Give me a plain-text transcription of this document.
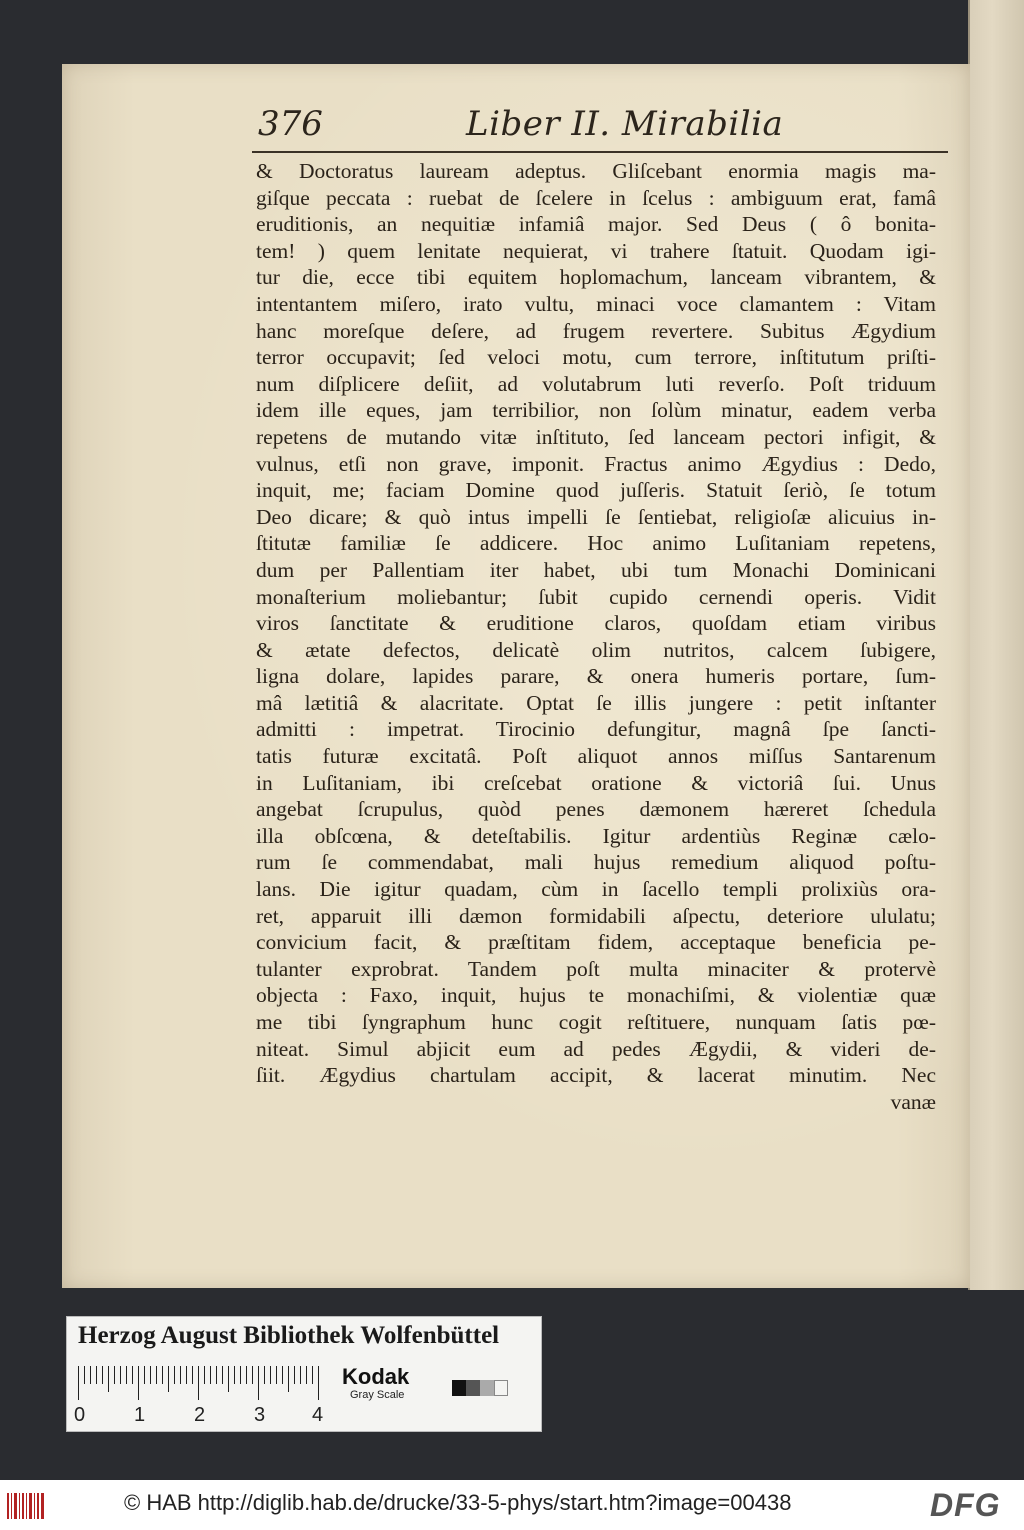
376	Liber II. Mirabilia
& Doctoratus lauream adeptus. Gliſcebant enormia magis ma-
giſque peccata : ruebat de ſcelere in ſcelus : ambiguum erat, famâ
eruditionis, an nequitiæ infamiâ major. Sed Deus ( ô bonita-
tem! ) quem lenitate nequierat, vi trahere ſtatuit. Quodam igi-
tur die, ecce tibi equitem hoplomachum, lanceam vibrantem, &
intentantem miſero, irato vultu, minaci voce clamantem : Vitam
hanc moreſque deſere, ad frugem revertere. Subitus Ægydium
terror occupavit; ſed veloci motu, cum terrore, inſtitutum priſti-
num diſplicere deſiit, ad volutabrum luti reverſo. Poſt triduum
idem ille eques, jam terribilior, non ſolùm minatur, eadem verba
repetens de mutando vitæ inſtituto, ſed lanceam pectori infigit, &
vulnus, etſi non grave, imponit. Fractus animo Ægydius : Dedo,
inquit, me; faciam Domine quod juſſeris. Statuit ſeriò, ſe totum
Deo dicare; & quò intus impelli ſe ſentiebat, religioſæ alicuius in-
ſtitutæ familiæ ſe addicere. Hoc animo Luſitaniam repetens,
dum per Pallentiam iter habet, ubi tum Monachi Dominicani
monaſterium moliebantur; ſubit cupido cernendi operis. Vidit
viros ſanctitate & eruditione claros, quoſdam etiam viribus
& ætate defectos, delicatè olim nutritos, calcem ſubigere,
ligna dolare, lapides parare, & onera humeris portare, ſum-
mâ lætitiâ & alacritate. Optat ſe illis jungere : petit inſtanter
admitti : impetrat. Tirocinio defungitur, magnâ ſpe ſancti-
tatis futuræ excitatâ. Poſt aliquot annos miſſus Santarenum
in Luſitaniam, ibi creſcebat oratione & victoriâ ſui. Unus
angebat ſcrupulus, quòd penes dæmonem hæreret ſchedula
illa obſcœna, & deteſtabilis. Igitur ardentiùs Reginæ cælo-
rum ſe commendabat, mali hujus remedium aliquod poſtu-
lans. Die igitur quadam, cùm in ſacello templi prolixiùs ora-
ret, apparuit illi dæmon formidabili aſpectu, deteriore ululatu;
convicium facit, & præſtitam fidem, acceptaque beneficia pe-
tulanter exprobrat. Tandem poſt multa minaciter & protervè
objecta : Faxo, inquit, hujus te monachiſmi, & violentiæ quæ
me tibi ſyngraphum hunc cogit reſtituere, nunquam ſatis pœ-
niteat. Simul abjicit eum ad pedes Ægydii, & videri de-
ſiit. Ægydius chartulam accipit, & lacerat minutim. Nec
vanæ
Herzog August Bibliothek Wolfenbüttel
0 1 2 3 4
Kodak
Gray Scale
© HAB http://diglib.hab.de/drucke/33-5-phys/start.htm?image=00438	DFG
